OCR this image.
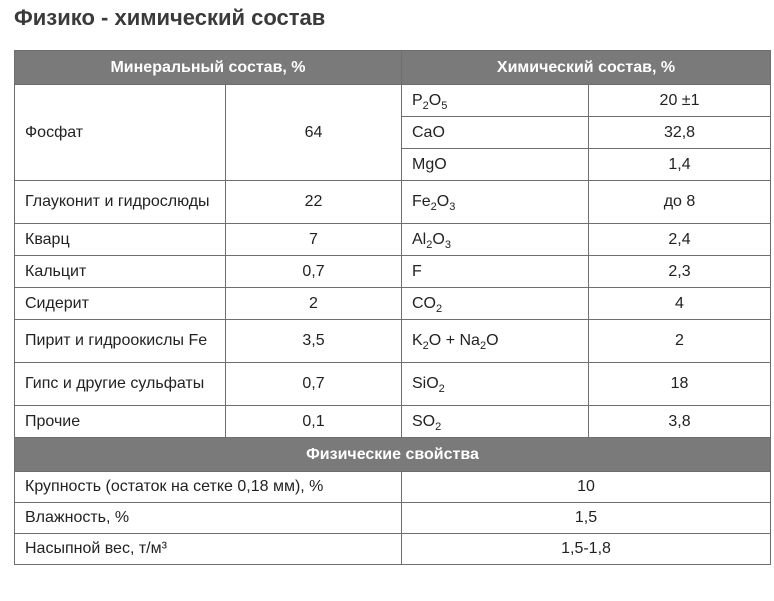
Физико - химический состав
Минеральный состав, %		Химический состав, %	
Фосфат	64	$P_2O_5$	20 ±1
		CaO	32,8
		MgO	1,4
Глауконит и гидрослюды	22	$Fe_2O_3$	до 8
Кварц	7	$Al_2O_3$	2,4
Кальцит	0,7	F	2,3
Сидерит	2	$CO_2$	4
Пирит и гидроокислы Fe	3,5	$K_2O + Na_2O$	2
Гипс и другие сульфаты	0,7	SiO$_2$	18
Прочие	0,1	$SO_2$	3,8
Физические свойства			
Крупность (остаток на сетке 0,18 мм), %		10	
Влажность, %		1,5	
Насыпной вес, т/м³		1,5-1,8	
